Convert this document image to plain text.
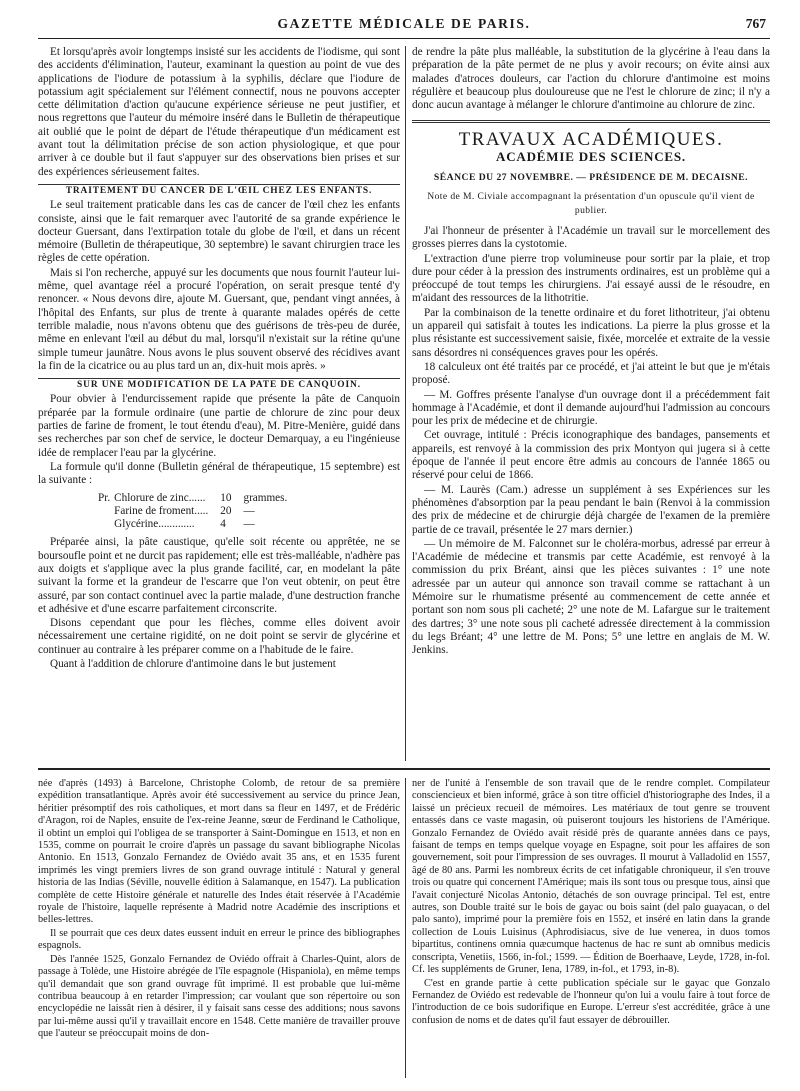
GAZETTE MÉDICALE DE PARIS.	767

Et lorsqu'après avoir longtemps insisté sur les accidents de l'iodisme, qui sont des accidents d'élimination, l'auteur, examinant la question au point de vue des applications de l'iodure de potassium à la syphilis, déclare que l'iodure de potassium agit spécialement sur l'élément connectif, nous ne pouvons accepter cette délimitation d'action qu'aucune expérience sérieuse ne peut justifier, et nous regrettons que l'auteur du mémoire inséré dans le Bulletin de thérapeutique ait oublié que le point de départ de l'étude thérapeutique d'un médicament est avant tout la délimitation précise de son action physiologique, et que pour arriver à ce double but il faut s'appuyer sur des observations bien prises et sur des expériences sérieusement faites.

TRAITEMENT DU CANCER DE L'ŒIL CHEZ LES ENFANTS.

Le seul traitement praticable dans les cas de cancer de l'œil chez les enfants consiste, ainsi que le fait remarquer avec l'autorité de sa grande expérience le docteur Guersant, dans l'extirpation totale du globe de l'œil, et dans un récent mémoire (Bulletin de thérapeutique, 30 septembre) le savant chirurgien trace les règles de cette opération.

Mais si l'on recherche, appuyé sur les documents que nous fournit l'auteur lui-même, quel avantage réel a procuré l'opération, on serait presque tenté d'y renoncer. « Nous devons dire, ajoute M. Guersant, que, pendant vingt années, à l'hôpital des Enfants, sur plus de trente à quarante malades opérés de cette terrible maladie, nous n'avons obtenu que des guérisons de très-peu de durée, même en enlevant l'œil au début du mal, lorsqu'il n'existait sur la rétine qu'une simple tumeur jaunâtre. Nous avons le plus souvent observé des récidives avant la fin de la cicatrice ou au plus tard un an, dix-huit mois après. »

SUR UNE MODIFICATION DE LA PATE DE CANQUOIN.

Pour obvier à l'endurcissement rapide que présente la pâte de Canquoin préparée par la formule ordinaire (une partie de chlorure de zinc pour deux parties de farine de froment, le tout étendu d'eau), M. Pitre-Menière, guidé dans ses recherches par son chef de service, le docteur Demarquay, a eu l'ingénieuse idée de remplacer l'eau par la glycérine.

La formule qu'il donne (Bulletin général de thérapeutique, 15 septembre) est la suivante :

Pr.	Chlorure de zinc......	10	grammes.
	Farine de froment.....	20	—
	Glycérine.............	4	—

Préparée ainsi, la pâte caustique, qu'elle soit récente ou apprêtée, ne se boursoufle point et ne durcit pas rapidement; elle est très-malléable, n'adhère pas aux doigts et s'applique avec la plus grande facilité, car, en modelant la pâte suivant la forme et la grandeur de l'escarre que l'on veut obtenir, on peut être assuré, par son contact continuel avec la partie malade, d'une destruction franche et adhésive et d'une escarre parfaitement circonscrite.

Disons cependant que pour les flèches, comme elles doivent avoir nécessairement une certaine rigidité, on ne doit point se servir de glycérine et continuer au contraire à les préparer comme on a l'habitude de le faire.

Quant à l'addition de chlorure d'antimoine dans le but justement

de rendre la pâte plus malléable, la substitution de la glycérine à l'eau dans la préparation de la pâte permet de ne plus y avoir recours; on évite ainsi aux malades d'atroces douleurs, car l'action du chlorure d'antimoine est moins régulière et beaucoup plus douloureuse que ne l'est le chlorure de zinc; il n'y a donc aucun avantage à mélanger le chlorure d'antimoine au chlorure de zinc.

TRAVAUX ACADÉMIQUES.
ACADÉMIE DES SCIENCES.
SÉANCE DU 27 NOVEMBRE. — PRÉSIDENCE DE M. DECAISNE.
Note de M. Civiale accompagnant la présentation d'un opuscule qu'il vient de publier.

J'ai l'honneur de présenter à l'Académie un travail sur le morcellement des grosses pierres dans la cystotomie.

L'extraction d'une pierre trop volumineuse pour sortir par la plaie, et trop dure pour céder à la pression des instruments ordinaires, est un problème qui a préoccupé de tout temps les chirurgiens. J'ai essayé aussi de le résoudre, en m'aidant des ressources de la lithotritie.

Par la combinaison de la tenette ordinaire et du foret lithotriteur, j'ai obtenu un appareil qui satisfait à toutes les indications. La pierre la plus grosse et la plus résistante est successivement saisie, fixée, morcelée et extraite de la vessie sans désordres ni conséquences graves pour les opérés.

18 calculeux ont été traités par ce procédé, et j'ai atteint le but que je m'étais proposé.

— M. Goffres présente l'analyse d'un ouvrage dont il a précédemment fait hommage à l'Académie, et dont il demande aujourd'hui l'admission au concours pour les prix de médecine et de chirurgie.

Cet ouvrage, intitulé : Précis iconographique des bandages, pansements et appareils, est renvoyé à la commission des prix Montyon qui jugera si à cette époque de l'année il peut encore être admis au concours de l'année 1865 ou réservé pour celui de 1866.

— M. Laurès (Cam.) adresse un supplément à ses Expériences sur les phénomènes d'absorption par la peau pendant le bain (Renvoi à la commission des prix de médecine et de chirurgie déjà chargée de l'examen de la première partie de ce travail, présentée le 27 mars dernier.)

— Un mémoire de M. Falconnet sur le choléra-morbus, adressé par erreur à l'Académie de médecine et transmis par cette Académie, est renvoyé à la commission du prix Bréant, ainsi que les pièces suivantes : 1° une note adressée par un auteur qui annonce son travail comme se rattachant à un Mémoire sur le rhumatisme présenté au commencement de cette année et portant son nom sous pli cacheté; 2° une note de M. Lafargue sur le traitement des dartres; 3° une note sous pli cacheté adressée directement à la commission du legs Bréant; 4° une lettre de M. Pons; 5° une lettre en anglais de M. W. Jenkins.

née d'après (1493) à Barcelone, Christophe Colomb, de retour de sa première expédition transatlantique. Après avoir été successivement au service du prince Jean, héritier présomptif des rois catholiques, et mort dans sa fleur en 1497, et de Frédéric d'Aragon, roi de Naples, ensuite de l'ex-reine Jeanne, sœur de Ferdinand le Catholique, il obtint un emploi qui l'obligea de se transporter à Saint-Domingue en 1513, et non en 1535, comme on pourrait le croire d'après un passage du savant bibliographe Nicolas Antonio. En 1513, Gonzalo Fernandez de Oviédo avait 35 ans, et en 1535 furent imprimés les vingt premiers livres de son grand ouvrage intitulé : Natural y general historia de las Indias (Séville, nouvelle édition à Salamanque, en 1547). La publication complète de cette Histoire générale et naturelle des Indes était réservée à l'Académie royale de l'histoire, laquelle représente à Madrid notre Académie des inscriptions et belles-lettres.

Il se pourrait que ces deux dates eussent induit en erreur le prince des bibliographes espagnols.

Dès l'année 1525, Gonzalo Fernandez de Oviédo offrait à Charles-Quint, alors de passage à Tolède, une Histoire abrégée de l'île espagnole (Hispaniola), en même temps qu'il demandait que son grand ouvrage fût imprimé. Il est probable que lui-même contribua beaucoup à en retarder l'impression; car voulant que son répertoire ou son encyclopédie ne laissât rien à désirer, il y faisait sans cesse des additions; nous savons par lui-même aussi qu'il y travaillait encore en 1548. Cette manière de travailler prouve que l'auteur se préoccupait moins de don-

ner de l'unité à l'ensemble de son travail que de le rendre complet. Compilateur consciencieux et bien informé, grâce à son titre officiel d'historiographe des Indes, il a laissé un précieux recueil de mémoires. Les matériaux de tout genre se trouvent entassés dans ce vaste magasin, où puiseront toujours les historiens de l'Amérique. Gonzalo Fernandez de Oviédo avait résidé près de quarante années dans ce pays, faisant de temps en temps quelque voyage en Espagne, soit pour les affaires de son gouvernement, soit pour l'impression de ses ouvrages. Il mourut à Valladolid en 1557, âgé de 80 ans. Parmi les nombreux écrits de cet infatigable chroniqueur, il s'en trouve trois ou quatre qui concernent l'Amérique; mais ils sont tous ou presque tous, ainsi que l'avait conjecturé Nicolas Antonio, détachés de son ouvrage principal. Tel est, entre autres, son Double traité sur le bois de gayac ou bois saint (del palo guayacan, o del palo santo), imprimé pour la première fois en 1552, et inséré en latin dans la grande collection de Louis Luisinus (Aphrodisiacus, sive de lue venerea, in duos tomos bipartitus, continens omnia quæcumque hactenus de hac re sunt ab omnibus medicis conscripta, Venetiis, 1566, in-fol.; 1599. — Édition de Boerhaave, Leyde, 1728, in-fol. Cf. les suppléments de Gruner, Iena, 1789, in-fol., et 1793, in-8).

C'est en grande partie à cette publication spéciale sur le gayac que Gonzalo Fernandez de Oviédo est redevable de l'honneur qu'on lui a voulu faire à tout force de l'introduction de ce bois sudorifique en Europe. L'erreur s'est accréditée, grâce à une confusion de noms et de dates qu'il faut essayer de débrouiller.
